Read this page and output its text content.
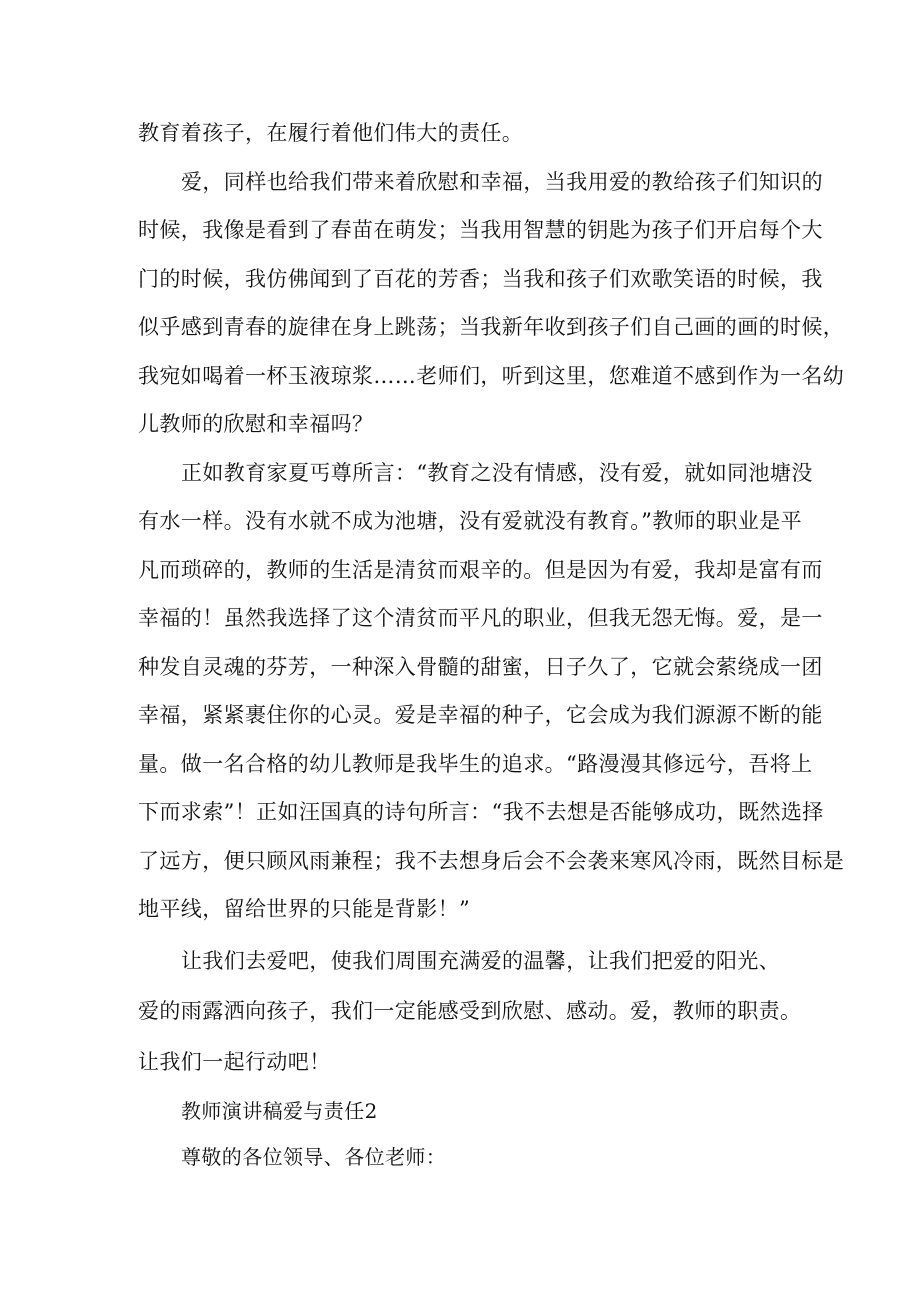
教育着孩子，在履行着他们伟大的责任。
爱，同样也给我们带来着欣慰和幸福，当我用爱的教给孩子们知识的
时候，我像是看到了春苗在萌发；当我用智慧的钥匙为孩子们开启每个大
门的时候，我仿佛闻到了百花的芳香；当我和孩子们欢歌笑语的时候，我
似乎感到青春的旋律在身上跳荡；当我新年收到孩子们自己画的画的时候，
我宛如喝着一杯玉液琼浆……老师们，听到这里，您难道不感到作为一名幼
儿教师的欣慰和幸福吗？
正如教育家夏丐尊所言：“教育之没有情感，没有爱，就如同池塘没
有水一样。没有水就不成为池塘，没有爱就没有教育。”教师的职业是平
凡而琐碎的，教师的生活是清贫而艰辛的。但是因为有爱，我却是富有而
幸福的！虽然我选择了这个清贫而平凡的职业，但我无怨无悔。爱，是一
种发自灵魂的芬芳，一种深入骨髓的甜蜜，日子久了，它就会萦绕成一团
幸福，紧紧裹住你的心灵。爱是幸福的种子，它会成为我们源源不断的能
量。做一名合格的幼儿教师是我毕生的追求。“路漫漫其修远兮，吾将上
下而求索”！正如汪国真的诗句所言：“我不去想是否能够成功，既然选择
了远方，便只顾风雨兼程；我不去想身后会不会袭来寒风冷雨，既然目标是
地平线，留给世界的只能是背影！”
让我们去爱吧，使我们周围充满爱的温馨，让我们把爱的阳光、
爱的雨露洒向孩子，我们一定能感受到欣慰、感动。爱，教师的职责。
让我们一起行动吧！
教师演讲稿爱与责任2
尊敬的各位领导、各位老师：
